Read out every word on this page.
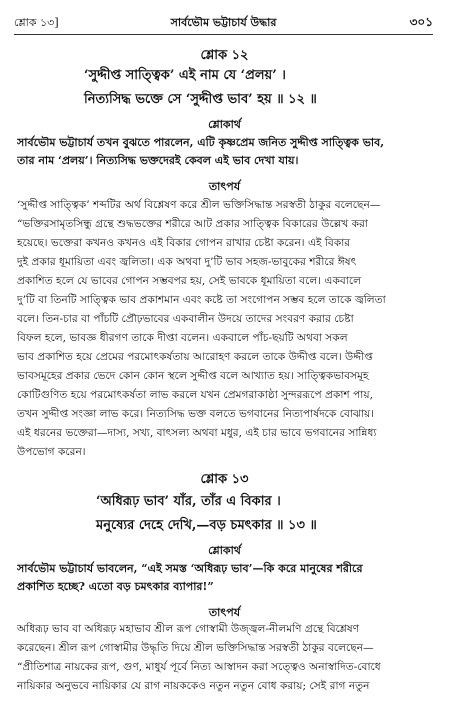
শ্লোক ১৩]	সার্বভৌম ভট্টাচার্য উদ্ধার	৩০১
শ্লোক ১২
‘সুদ্দীপ্ত সাত্ত্বিক’ এই নাম যে ‘প্রলয়’ ।
নিত্যসিদ্ধ ভক্তে সে ‘সুদ্দীপ্ত ভাব’ হয় ॥ ১২ ॥
শ্লোকার্থ
সার্বভৌম ভট্টাচার্য তখন বুঝতে পারলেন, এটি কৃষ্ণপ্রেম জনিত সুদ্দীপ্ত সাত্ত্বিক ভাব,
তার নাম ‘প্রলয়’। নিত্যসিদ্ধ ভক্তদেরই কেবল এই ভাব দেখা যায়।
তাৎপর্য
‘সুদ্দীপ্ত সাত্ত্বিক’ শব্দটির অর্থ বিশ্লেষণ করে শ্রীল ভক্তিসিদ্ধান্ত সরস্বতী ঠাকুর বলেছেন—
“ভক্তিরসামৃতসিন্ধু গ্রন্থে শুদ্ধভক্তের শরীরে আট প্রকার সাত্ত্বিক বিকারের উল্লেখ করা
হয়েছে। ভক্তেরা কখনও কখনও এই বিকার গোপন রাখার চেষ্টা করেন। এই বিকার
দুই প্রকার ধূমায়িতা এবং জ্বলিতা। এক অথবা দু’টি ভাব সহজ-ভাবুকের শরীরে ঈষৎ
প্রকাশিত হলে যে ভাবের গোপন সম্ভবপর হয়, সেই ভাবকে ধূমায়িতা বলে। একবালে
দু’টি বা তিনটি সাত্ত্বিক ভাব প্রকাশমান এবং কষ্টে তা সংগোপন সম্ভব হলে তাকে জ্বলিতা
বলে। তিন-চার বা পাঁচটি প্রৌঢ়ভাবের একবালীন উদয়ে তাদের সংবরণ করার চেষ্টা
বিফল হলে, ভাবজ্ঞ ধীরগণ তাকে দীপ্তা বলেন। একবালে পাঁচ-ছয়টি অথবা সকল
ভাব প্রকাশিত হয়ে প্রেমের পরমোৎকর্ষতায় আরোহণ করলে তাকে উদ্দীপ্ত বলে। উদ্দীপ্ত
ভাবসমূহের প্রকার ভেদে কোন কোন স্থলে সুদ্দীপ্ত বলে আখ্যাত হয়। সাত্ত্বিকভাবসমূহ
কোটিগুণিত হয়ে পরমোৎকর্ষতা লাভ করলে যখন প্রেমগরাকাষ্ঠা সুন্দররূপে প্রকাশ পায়,
তখন সুদ্দীপ্ত সংজ্ঞা লাভ করে। নিত্যসিদ্ধ ভক্ত বলতে ভগবানের নিত্যপার্ষদকে বোঝায়।
এই ধরনের ভক্তেরা—দাস্য, সখ্য, বাৎসল্য অথবা মধুর, এই চার ভাবে ভগবানের সান্নিধ্য
উপভোগ করেন।
শ্লোক ১৩
‘অধিরূঢ় ভাব’ যাঁর, তাঁর এ বিকার ।
মনুষ্যের দেহে দেখি,—বড় চমৎকার ॥ ১৩ ॥
শ্লোকার্থ
সার্বভৌম ভট্টাচার্য ভাবলেন, “এই সমস্ত ‘অধিরূঢ় ভাব’—কি করে মানুষের শরীরে
প্রকাশিত হচ্ছে? এতো বড় চমৎকার ব্যাপার!”
তাৎপর্য
অধিরূঢ় ভাব বা অধিরূঢ় মহাভাব শ্রীল রূপ গোস্বামী উজ্জ্বল-নীলমণি গ্রন্থে বিশ্লেষণ
করেছেন। শ্রীল রূপ গোস্বামীর উদ্ধৃতি দিয়ে শ্রীল ভক্তিসিদ্ধান্ত সরস্বতী ঠাকুর বলেছেন—
“প্রীতিশাত্র নায়কের রূপ, গুণ, মাধুর্য পূর্বে নিত্য আস্বাদন করা সত্ত্বেও অনাস্বাদিত-বোধে
নায়িকার অনুভবে নায়িকার যে রাগ নায়ককেও নতুন নতুন বোধ করায়; সেই রাগ নতুন
